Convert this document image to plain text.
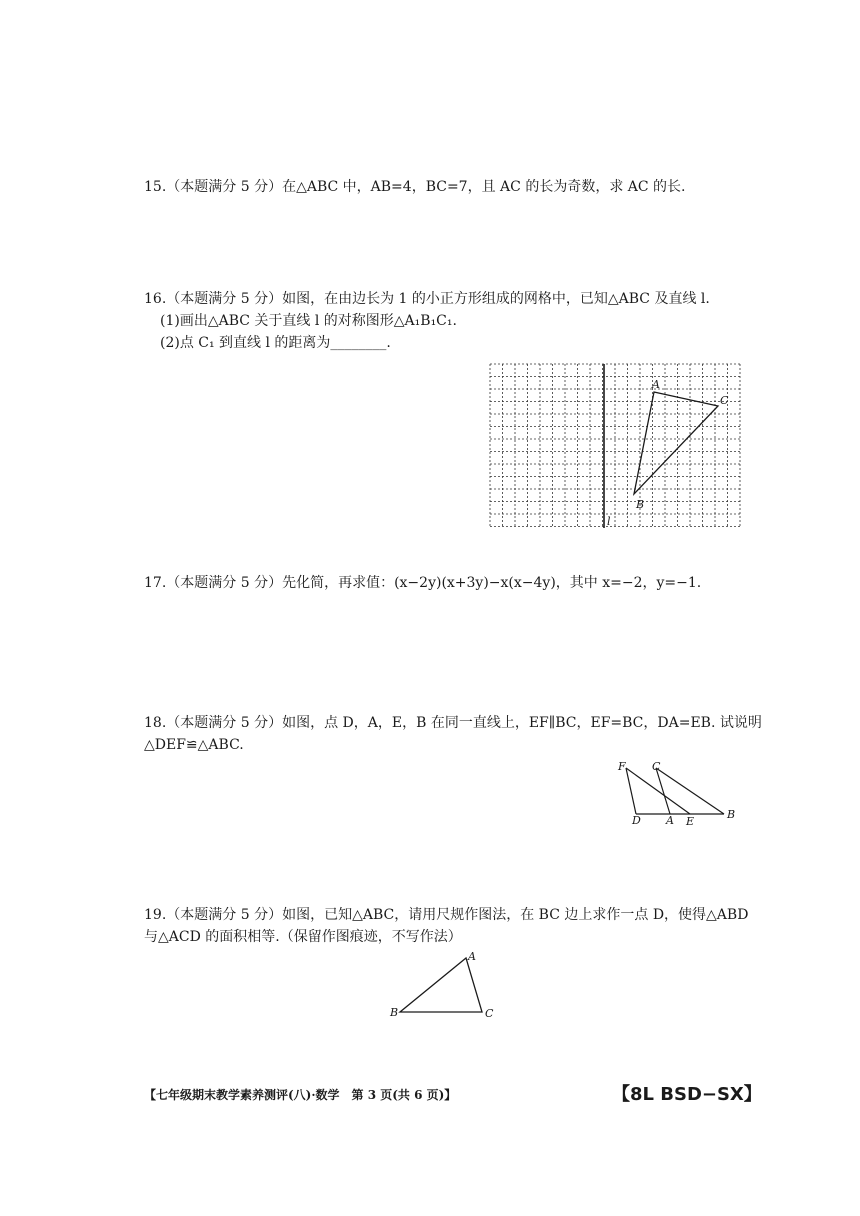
15.（本题满分 5 分）在△ABC 中，AB=4，BC=7，且 AC 的长为奇数，求 AC 的长.
16.（本题满分 5 分）如图，在由边长为 1 的小正方形组成的网格中，已知△ABC 及直线 l.
(1)画出△ABC 关于直线 l 的对称图形△A₁B₁C₁.
(2)点 C₁ 到直线 l 的距离为________.
A
C
B
l
17.（本题满分 5 分）先化简，再求值：(x−2y)(x+3y)−x(x−4y)，其中 x=−2，y=−1.
18.（本题满分 5 分）如图，点 D，A，E，B 在同一直线上，EF∥BC，EF=BC，DA=EB. 试说明
△DEF≌△ABC.
F C
D A E
B
19.（本题满分 5 分）如图，已知△ABC，请用尺规作图法，在 BC 边上求作一点 D，使得△ABD
与△ACD 的面积相等.（保留作图痕迹，不写作法）
A
B	C
【七年级期末教学素养测评(八)·数学　第 3 页(共 6 页)】	【8L BSD−SX】
